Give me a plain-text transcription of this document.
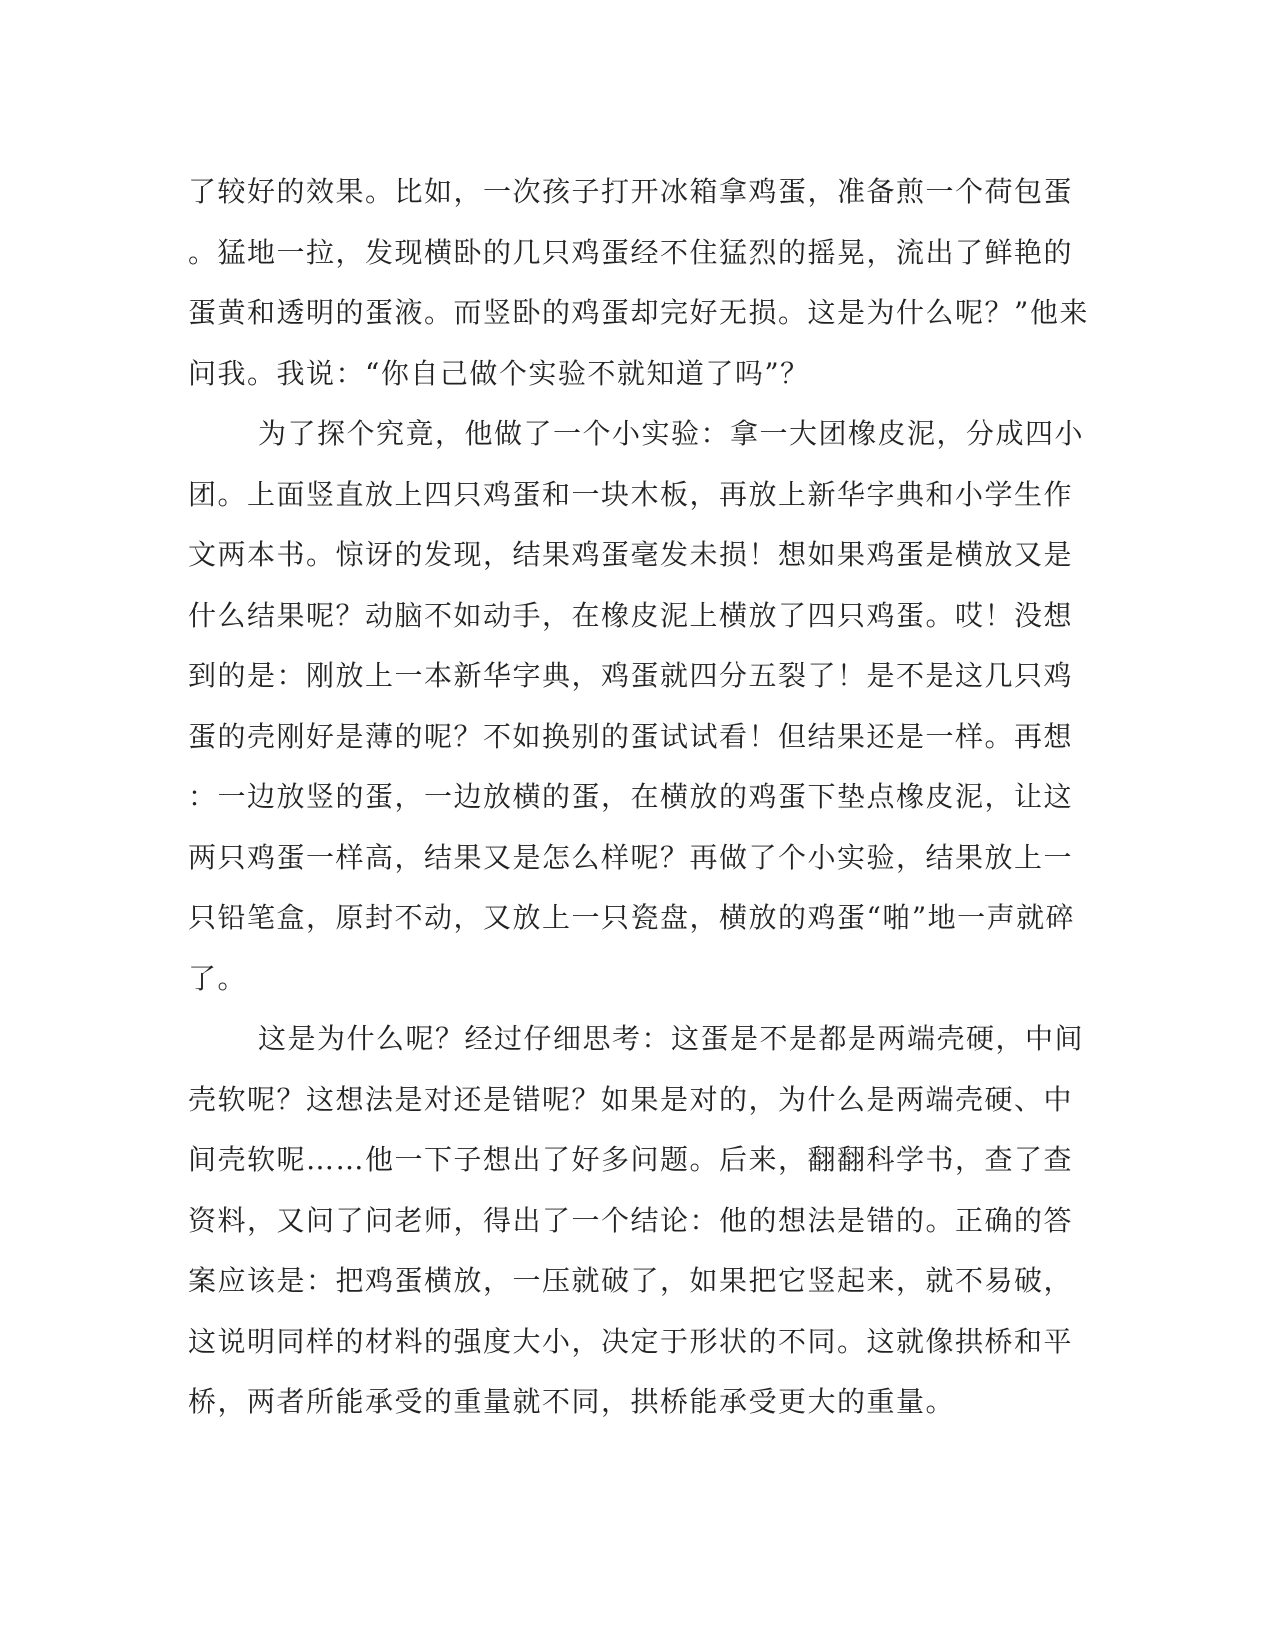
了较好的效果。比如，一次孩子打开冰箱拿鸡蛋，准备煎一个荷包蛋
。猛地一拉，发现横卧的几只鸡蛋经不住猛烈的摇晃，流出了鲜艳的
蛋黄和透明的蛋液。而竖卧的鸡蛋却完好无损。这是为什么呢？”他来
问我。我说：“你自己做个实验不就知道了吗”？
为了探个究竟，他做了一个小实验：拿一大团橡皮泥，分成四小
团。上面竖直放上四只鸡蛋和一块木板，再放上新华字典和小学生作
文两本书。惊讶的发现，结果鸡蛋毫发未损！想如果鸡蛋是横放又是
什么结果呢？动脑不如动手，在橡皮泥上横放了四只鸡蛋。哎！没想
到的是：刚放上一本新华字典，鸡蛋就四分五裂了！是不是这几只鸡
蛋的壳刚好是薄的呢？不如换别的蛋试试看！但结果还是一样。再想
：一边放竖的蛋，一边放横的蛋，在横放的鸡蛋下垫点橡皮泥，让这
两只鸡蛋一样高，结果又是怎么样呢？再做了个小实验，结果放上一
只铅笔盒，原封不动，又放上一只瓷盘，横放的鸡蛋“啪”地一声就碎
了。
这是为什么呢？经过仔细思考：这蛋是不是都是两端壳硬，中间
壳软呢？这想法是对还是错呢？如果是对的，为什么是两端壳硬、中
间壳软呢……他一下子想出了好多问题。后来，翻翻科学书，查了查
资料，又问了问老师，得出了一个结论：他的想法是错的。正确的答
案应该是：把鸡蛋横放，一压就破了，如果把它竖起来，就不易破，
这说明同样的材料的强度大小，决定于形状的不同。这就像拱桥和平
桥，两者所能承受的重量就不同，拱桥能承受更大的重量。
